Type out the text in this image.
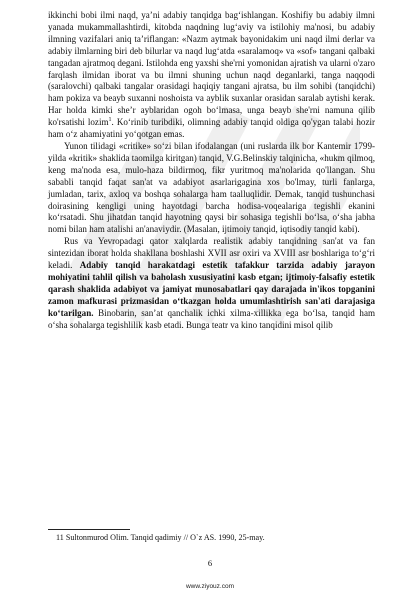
ikkinchi bobi ilmi naqd, ya’ni adabiy tanqidga bag‘ishlangan. Koshifiy bu adabiy ilmni yanada mukammallashtirdi, kitobda naqdning lug‘aviy va istilohiy ma'nosi, bu adabiy ilmning vazifalari aniq ta’riflangan: «Nazm aytmak bayonidakim uni naqd ilmi derlar va adabiy ilmlarning biri deb bilurlar va naqd lug‘atda «saralamoq» va «sof» tangani qalbaki tangadan ajratmoq degani. Istilohda eng yaxshi she'rni yomonidan ajratish va ularni o'zaro farqlash ilmidan iborat va bu ilmni shuning uchun naqd deganlarki, tanga naqqodi (saralovchi) qalbaki tangalar orasidagi haqiqiy tangani ajratsa, bu ilm sohibi (tanqidchi) ham pokiza va beayb suxanni noshoista va ayblik suxanlar orasidan saralab aytishi kerak. Har holda kimki she’r ayblaridan ogoh bo‘lmasa, unga beayb she'rni namuna qilib ko'rsatishi lozim$^1$. Ko‘rinib turibdiki, olimning adabiy tanqid oldiga qo'ygan talabi hozir ham o‘z ahamiyatini yo‘qotgan emas.

Yunon tilidagi «critike» so‘zi bilan ifodalangan (uni ruslarda ilk bor Kantemir 1799-yilda «kritik» shaklida taomilga kiritgan) tanqid, V.G.Belinskiy talqinicha, «hukm qilmoq, keng ma'noda esa, mulo-haza bildirmoq, fikr yuritmoq ma'nolarida qo'llangan. Shu sababli tanqid faqat san'at va adabiyot asarlarigagina xos bo'lmay, turli fanlarga, jumladan, tarix, axloq va boshqa sohalarga ham taalluqlidir. Demak, tanqid tushunchasi doirasining kengligi uning hayotdagi barcha hodisa-voqealariga tegishli ekanini ko‘rsatadi. Shu jihatdan tanqid hayotning qaysi bir sohasiga tegishli bo‘lsa, o‘sha jabha nomi bilan ham atalishi an'anaviydir. (Masalan, ijtimoiy tanqid, iqtisodiy tanqid kabi).

Rus va Yevropadagi qator xalqlarda realistik adabiy tanqidning san'at va fan sintezidan iborat holda shakllana boshlashi XVII asr oxiri va XVIII asr boshlariga to‘g‘ri keladi. Adabiy tanqid harakatdagi estetik tafakkur tarzida adabiy jarayon mohiyatini tahlil qilish va baholash xususiyatini kasb etgan; ijtimoiy-falsafiy estetik qarash shaklida adabiyot va jamiyat munosabatlari qay darajada in'ikos topganini zamon mafkurasi prizmasidan o‘tkazgan holda umumlashtirish san'ati darajasiga ko‘tarilgan. Binobarin, san’at qanchalik ichki xilma-xillikka ega bo‘lsa, tanqid ham o‘sha sohalarga tegishlilik kasb etadi. Bunga teatr va kino tanqidini misol qilib

11 Sultonmurod Olim. Tanqid qadimiy // O`z AS. 1990, 25-may.
6
www.ziyouz.com
